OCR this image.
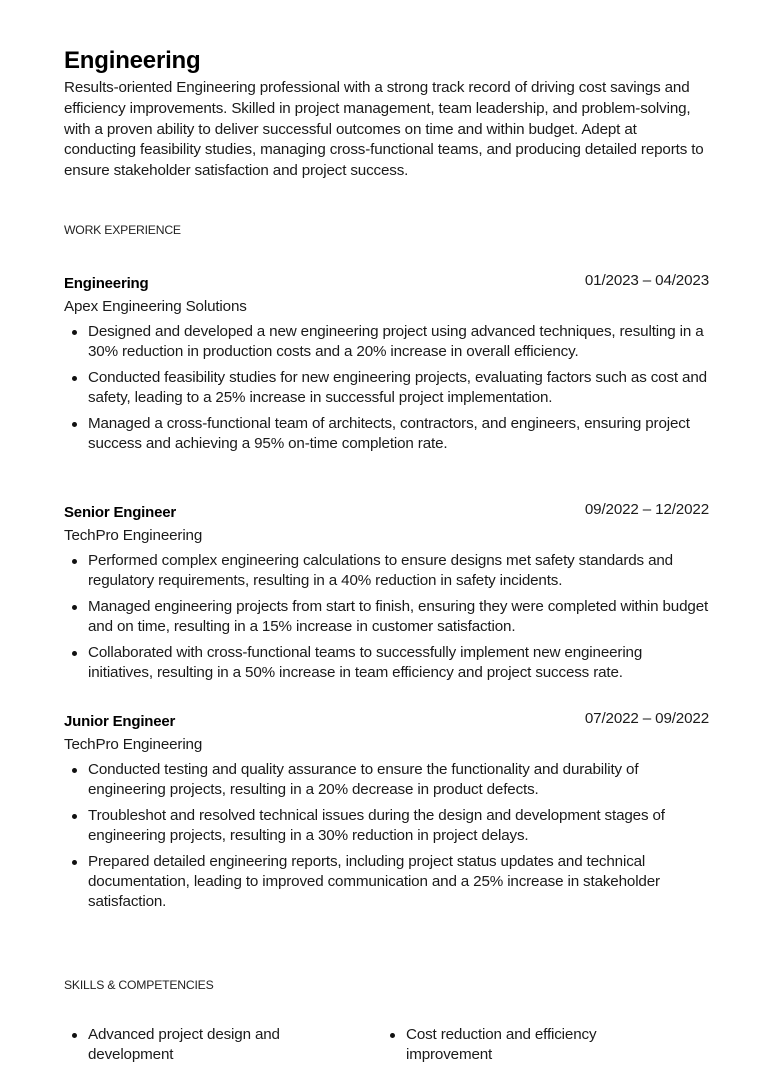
Engineering
Results-oriented Engineering professional with a strong track record of driving cost savings and efficiency improvements. Skilled in project management, team leadership, and problem-solving, with a proven ability to deliver successful outcomes on time and within budget. Adept at conducting feasibility studies, managing cross-functional teams, and producing detailed reports to ensure stakeholder satisfaction and project success.
WORK EXPERIENCE
Engineering	01/2023 – 04/2023
Apex Engineering Solutions
Designed and developed a new engineering project using advanced techniques, resulting in a 30% reduction in production costs and a 20% increase in overall efficiency.
Conducted feasibility studies for new engineering projects, evaluating factors such as cost and safety, leading to a 25% increase in successful project implementation.
Managed a cross-functional team of architects, contractors, and engineers, ensuring project success and achieving a 95% on-time completion rate.
Senior Engineer	09/2022 – 12/2022
TechPro Engineering
Performed complex engineering calculations to ensure designs met safety standards and regulatory requirements, resulting in a 40% reduction in safety incidents.
Managed engineering projects from start to finish, ensuring they were completed within budget and on time, resulting in a 15% increase in customer satisfaction.
Collaborated with cross-functional teams to successfully implement new engineering initiatives, resulting in a 50% increase in team efficiency and project success rate.
Junior Engineer	07/2022 – 09/2022
TechPro Engineering
Conducted testing and quality assurance to ensure the functionality and durability of engineering projects, resulting in a 20% decrease in product defects.
Troubleshot and resolved technical issues during the design and development stages of engineering projects, resulting in a 30% reduction in project delays.
Prepared detailed engineering reports, including project status updates and technical documentation, leading to improved communication and a 25% increase in stakeholder satisfaction.
SKILLS & COMPETENCIES
Advanced project design and development
Cost reduction and efficiency improvement
